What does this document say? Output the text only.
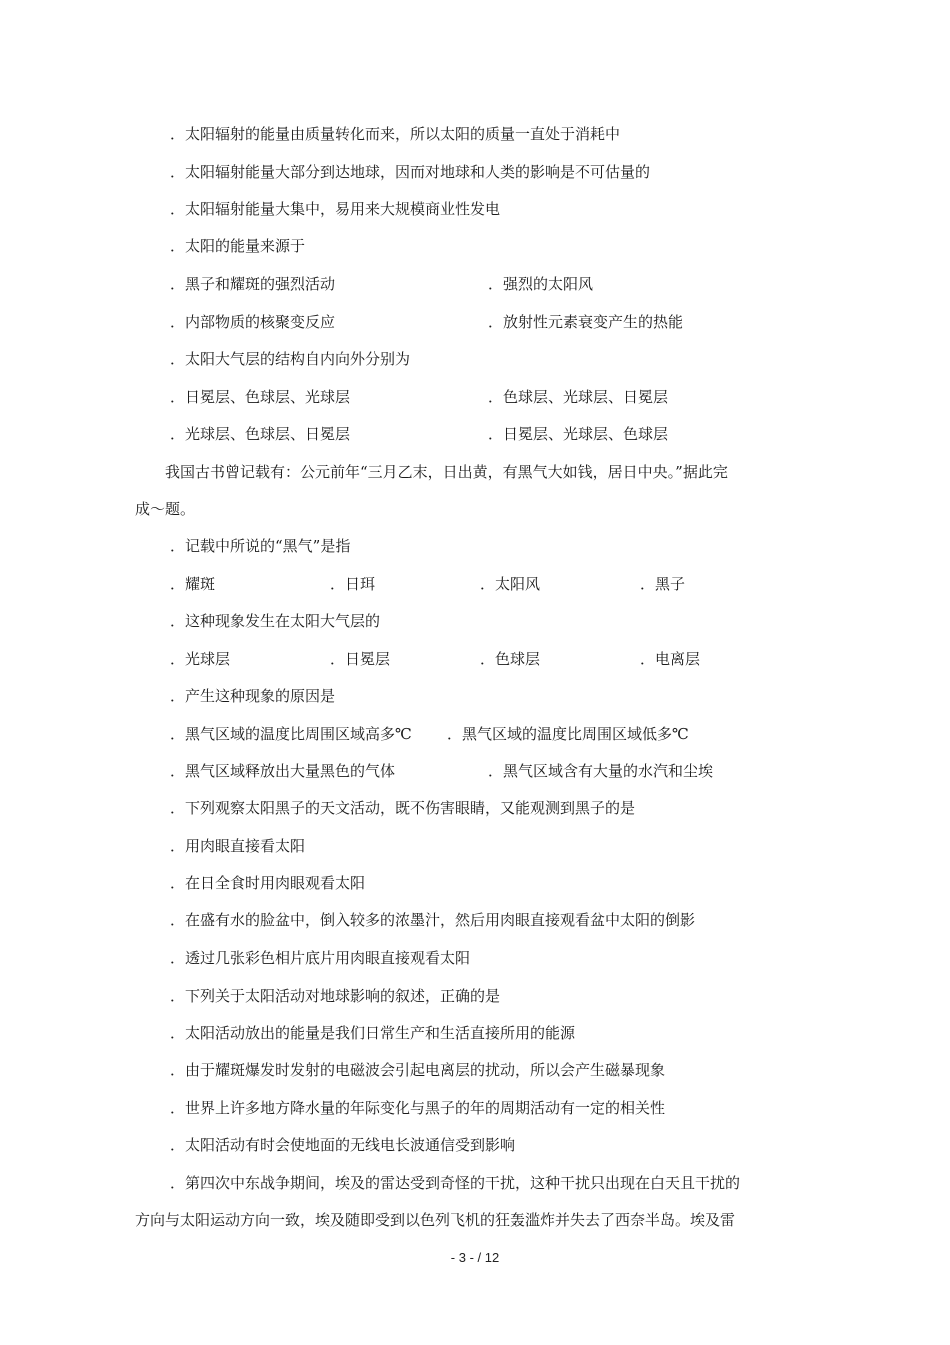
．太阳辐射的能量由质量转化而来，所以太阳的质量一直处于消耗中
．太阳辐射能量大部分到达地球，因而对地球和人类的影响是不可估量的
．太阳辐射能量大集中，易用来大规模商业性发电
．太阳的能量来源于
．黑子和耀斑的强烈活动	．强烈的太阳风
．内部物质的核聚变反应	．放射性元素衰变产生的热能
．太阳大气层的结构自内向外分别为
．日冕层、色球层、光球层	．色球层、光球层、日冕层
．光球层、色球层、日冕层	．日冕层、光球层、色球层
我国古书曾记载有：公元前年“三月乙末，日出黄，有黑气大如钱，居日中央。”据此完
成～题。
．记载中所说的“黑气”是指
．耀斑	．日珥	．太阳风	．黑子
．这种现象发生在太阳大气层的
．光球层	．日冕层	．色球层	．电离层
．产生这种现象的原因是
．黑气区域的温度比周围区域高多℃ ．黑气区域的温度比周围区域低多℃
．黑气区域释放出大量黑色的气体	．黑气区域含有大量的水汽和尘埃
．下列观察太阳黑子的天文活动，既不伤害眼睛，又能观测到黑子的是
．用肉眼直接看太阳
．在日全食时用肉眼观看太阳
．在盛有水的脸盆中，倒入较多的浓墨汁，然后用肉眼直接观看盆中太阳的倒影
．透过几张彩色相片底片用肉眼直接观看太阳
．下列关于太阳活动对地球影响的叙述，正确的是
．太阳活动放出的能量是我们日常生产和生活直接所用的能源
．由于耀斑爆发时发射的电磁波会引起电离层的扰动，所以会产生磁暴现象
．世界上许多地方降水量的年际变化与黑子的年的周期活动有一定的相关性
．太阳活动有时会使地面的无线电长波通信受到影响
．第四次中东战争期间，埃及的雷达受到奇怪的干扰，这种干扰只出现在白天且干扰的
方向与太阳运动方向一致，埃及随即受到以色列飞机的狂轰滥炸并失去了西奈半岛。埃及雷
- 3 - / 12
